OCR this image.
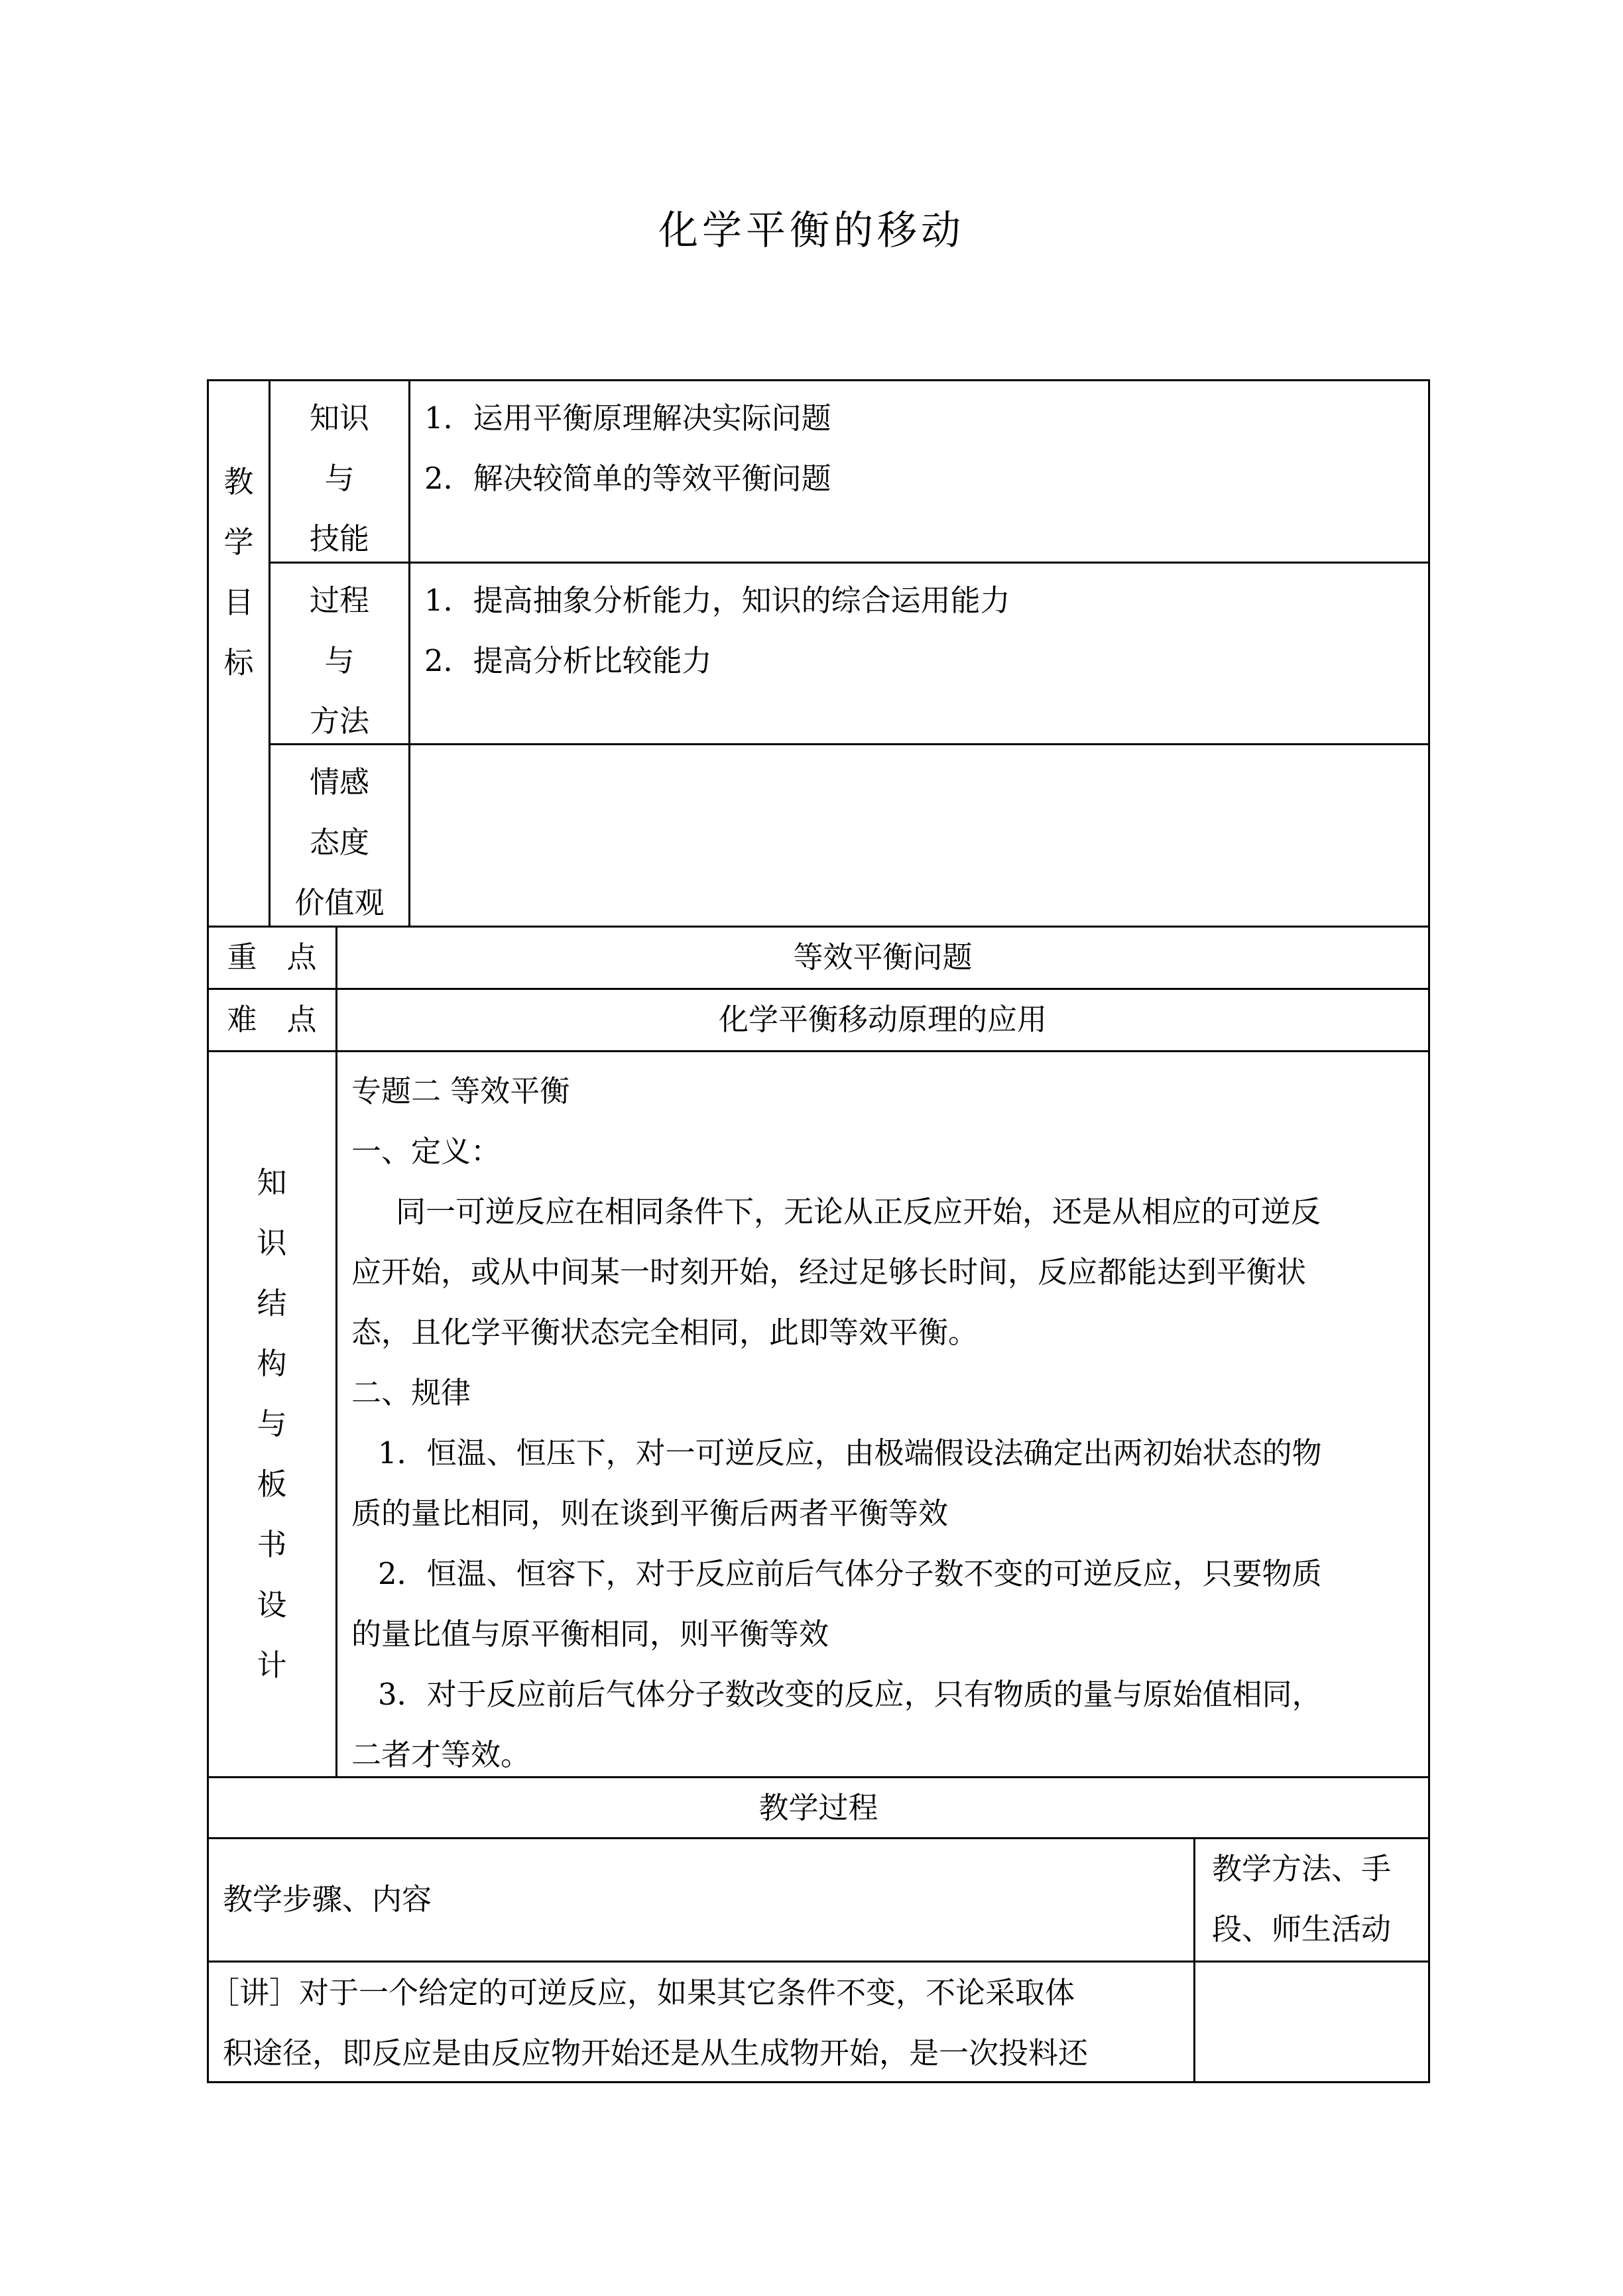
化学平衡的移动
教
学
目
标
知识
与
技能
1．运用平衡原理解决实际问题
2．解决较简单的等效平衡问题
过程
与
方法
1．提高抽象分析能力，知识的综合运用能力
2．提高分析比较能力
情感
态度
价值观
重　点	等效平衡问题
难　点	化学平衡移动原理的应用
知
识
结
构
与
板
书
设
计
专题二 等效平衡
一、定义：
同一可逆反应在相同条件下，无论从正反应开始，还是从相应的可逆反
应开始，或从中间某一时刻开始，经过足够长时间，反应都能达到平衡状
态，且化学平衡状态完全相同，此即等效平衡。
二、规律
1．恒温、恒压下，对一可逆反应，由极端假设法确定出两初始状态的物
质的量比相同，则在谈到平衡后两者平衡等效
2．恒温、恒容下，对于反应前后气体分子数不变的可逆反应，只要物质
的量比值与原平衡相同，则平衡等效
3．对于反应前后气体分子数改变的反应，只有物质的量与原始值相同，
二者才等效。
教学过程
教学步骤、内容
教学方法、手
段、师生活动
［讲］对于一个给定的可逆反应，如果其它条件不变，不论采取体
积途径，即反应是由反应物开始还是从生成物开始，是一次投料还
